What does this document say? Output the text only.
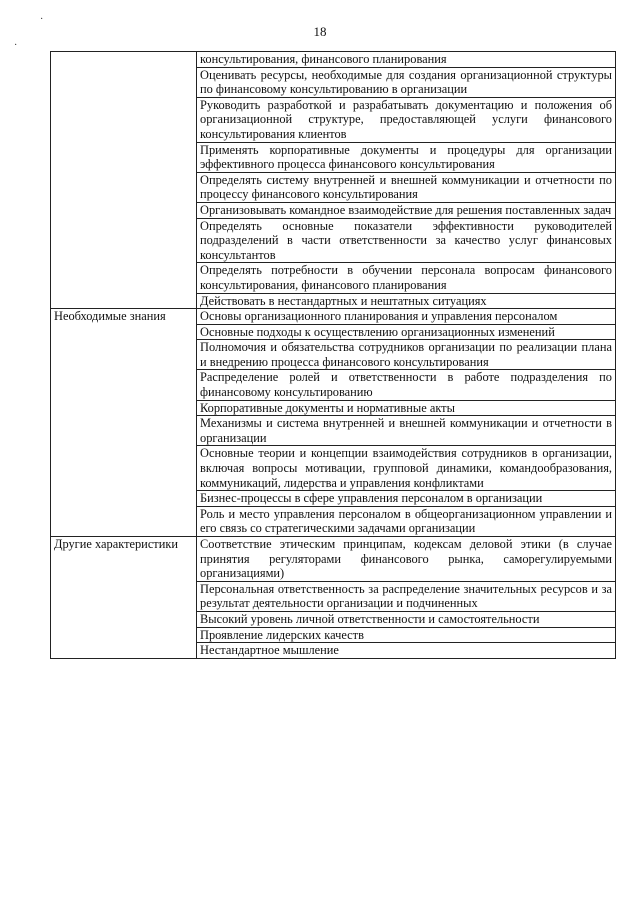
18
·
·
	консультирования, финансового планирования
	Оценивать ресурсы, необходимые для создания организационной структуры по финансовому консультированию в организации
	Руководить разработкой и разрабатывать документацию и положения об организационной структуре, предоставляющей услуги финансового консультирования клиентов
	Применять корпоративные документы и процедуры для организации эффективного процесса финансового консультирования
	Определять систему внутренней и внешней коммуникации и отчетности по процессу финансового консультирования
	Организовывать командное взаимодействие для решения поставленных задач
	Определять основные показатели эффективности руководителей подразделений в части ответственности за качество услуг финансовых консультантов
	Определять потребности в обучении персонала вопросам финансового консультирования, финансового планирования
	Действовать в нестандартных и нештатных ситуациях
Необходимые знания	Основы организационного планирования и управления персоналом
	Основные подходы к осуществлению организационных изменений
	Полномочия и обязательства сотрудников организации по реализации плана и внедрению процесса финансового консультирования
	Распределение ролей и ответственности в работе подразделения по финансовому консультированию
	Корпоративные документы и нормативные акты
	Механизмы и система внутренней и внешней коммуникации и отчетности в организации
	Основные теории и концепции взаимодействия сотрудников в организации, включая вопросы мотивации, групповой динамики, командообразования, коммуникаций, лидерства и управления конфликтами
	Бизнес-процессы в сфере управления персоналом в организации
	Роль и место управления персоналом в общеорганизационном управлении и его связь со стратегическими задачами организации
Другие характеристики	Соответствие этическим принципам, кодексам деловой этики (в случае принятия регуляторами финансового рынка, саморегулируемыми организациями)
	Персональная ответственность за распределение значительных ресурсов и за результат деятельности организации и подчиненных
	Высокий уровень личной ответственности и самостоятельности
	Проявление лидерских качеств
	Нестандартное мышление
